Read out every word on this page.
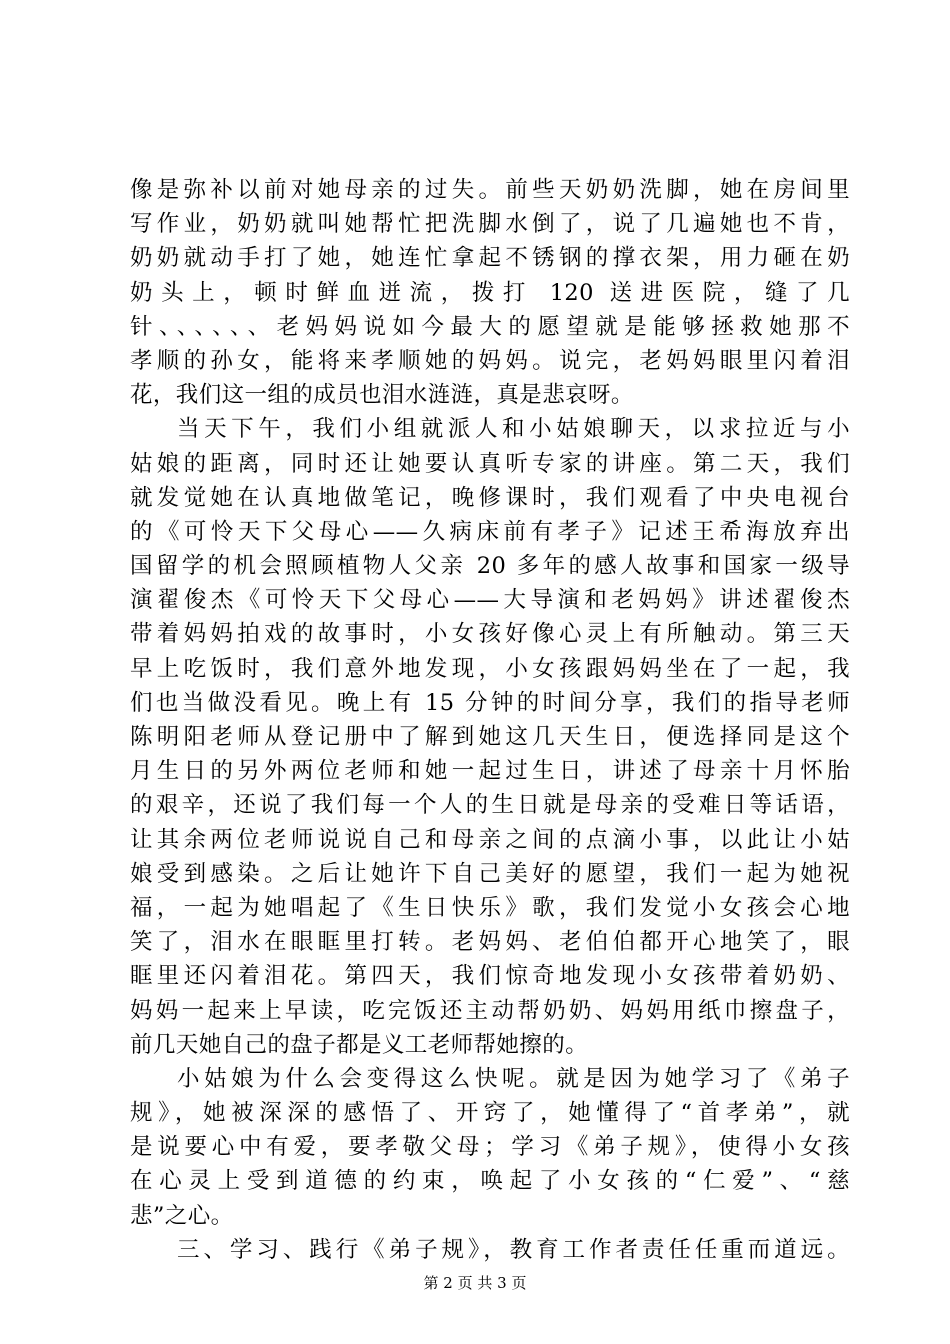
像是弥补以前对她母亲的过失。前些天奶奶洗脚，她在房间里
写作业，奶奶就叫她帮忙把洗脚水倒了，说了几遍她也不肯，
奶奶就动手打了她，她连忙拿起不锈钢的撑衣架，用力砸在奶
奶头上，顿时鲜血迸流，拨打 120 送进医院，缝了几
针、、、、、、老妈妈说如今最大的愿望就是能够拯救她那不
孝顺的孙女，能将来孝顺她的妈妈。说完，老妈妈眼里闪着泪
花，我们这一组的成员也泪水涟涟，真是悲哀呀。
当天下午，我们小组就派人和小姑娘聊天，以求拉近与小
姑娘的距离，同时还让她要认真听专家的讲座。第二天，我们
就发觉她在认真地做笔记，晚修课时，我们观看了中央电视台
的《可怜天下父母心——久病床前有孝子》记述王希海放弃出
国留学的机会照顾植物人父亲 20 多年的感人故事和国家一级导
演翟俊杰《可怜天下父母心——大导演和老妈妈》讲述翟俊杰
带着妈妈拍戏的故事时，小女孩好像心灵上有所触动。第三天
早上吃饭时，我们意外地发现，小女孩跟妈妈坐在了一起，我
们也当做没看见。晚上有 15 分钟的时间分享，我们的指导老师
陈明阳老师从登记册中了解到她这几天生日，便选择同是这个
月生日的另外两位老师和她一起过生日，讲述了母亲十月怀胎
的艰辛，还说了我们每一个人的生日就是母亲的受难日等话语，
让其余两位老师说说自己和母亲之间的点滴小事，以此让小姑
娘受到感染。之后让她许下自己美好的愿望，我们一起为她祝
福，一起为她唱起了《生日快乐》歌，我们发觉小女孩会心地
笑了，泪水在眼眶里打转。老妈妈、老伯伯都开心地笑了，眼
眶里还闪着泪花。第四天，我们惊奇地发现小女孩带着奶奶、
妈妈一起来上早读，吃完饭还主动帮奶奶、妈妈用纸巾擦盘子，
前几天她自己的盘子都是义工老师帮她擦的。
小姑娘为什么会变得这么快呢。就是因为她学习了《弟子
规》，她被深深的感悟了、开窍了，她懂得了“首孝弟”，就
是说要心中有爱，要孝敬父母；学习《弟子规》，使得小女孩
在心灵上受到道德的约束，唤起了小女孩的“仁爱”、“慈
悲”之心。
三、学习、践行《弟子规》，教育工作者责任任重而道远。
第 2 页 共 3 页
